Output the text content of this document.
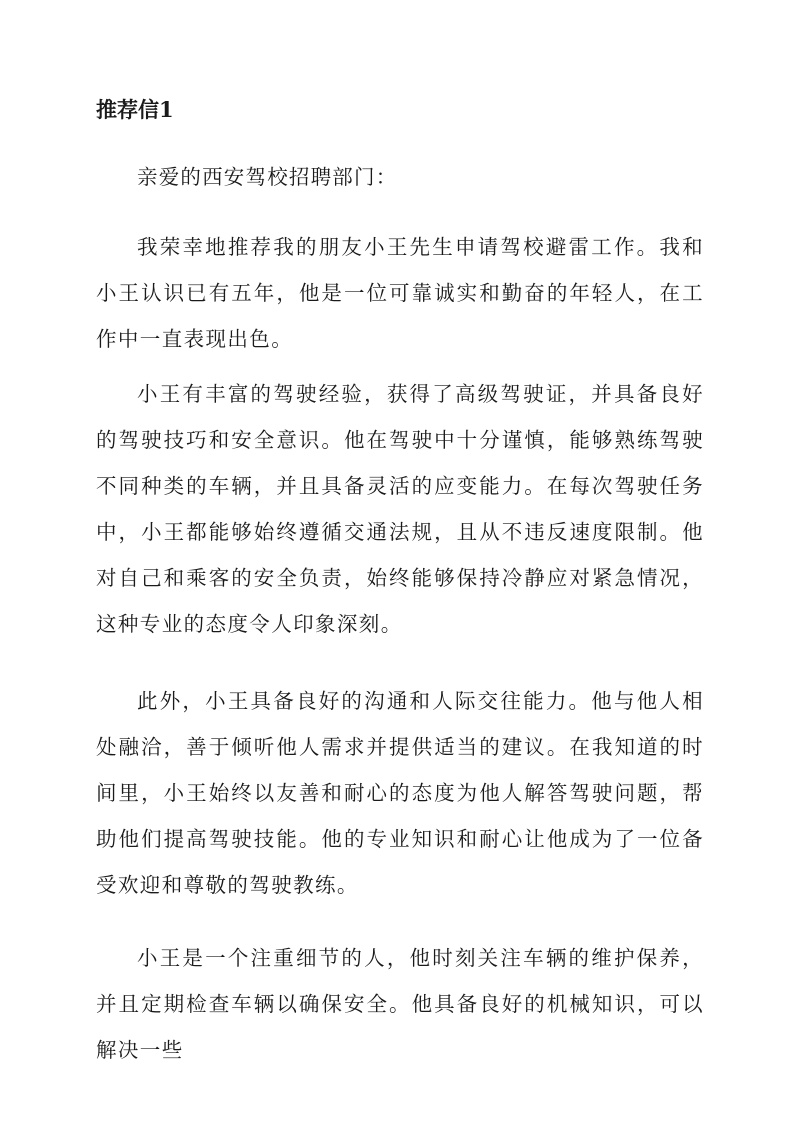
推荐信1
亲爱的西安驾校招聘部门：

我荣幸地推荐我的朋友小王先生申请驾校避雷工作。我和小王认识已有五年，他是一位可靠诚实和勤奋的年轻人，在工作中一直表现出色。

小王有丰富的驾驶经验，获得了高级驾驶证，并具备良好的驾驶技巧和安全意识。他在驾驶中十分谨慎，能够熟练驾驶不同种类的车辆，并且具备灵活的应变能力。在每次驾驶任务中，小王都能够始终遵循交通法规，且从不违反速度限制。他对自己和乘客的安全负责，始终能够保持冷静应对紧急情况，这种专业的态度令人印象深刻。

此外，小王具备良好的沟通和人际交往能力。他与他人相处融洽，善于倾听他人需求并提供适当的建议。在我知道的时间里，小王始终以友善和耐心的态度为他人解答驾驶问题，帮助他们提高驾驶技能。他的专业知识和耐心让他成为了一位备受欢迎和尊敬的驾驶教练。

小王是一个注重细节的人，他时刻关注车辆的维护保养，并且定期检查车辆以确保安全。他具备良好的机械知识，可以解决一些
